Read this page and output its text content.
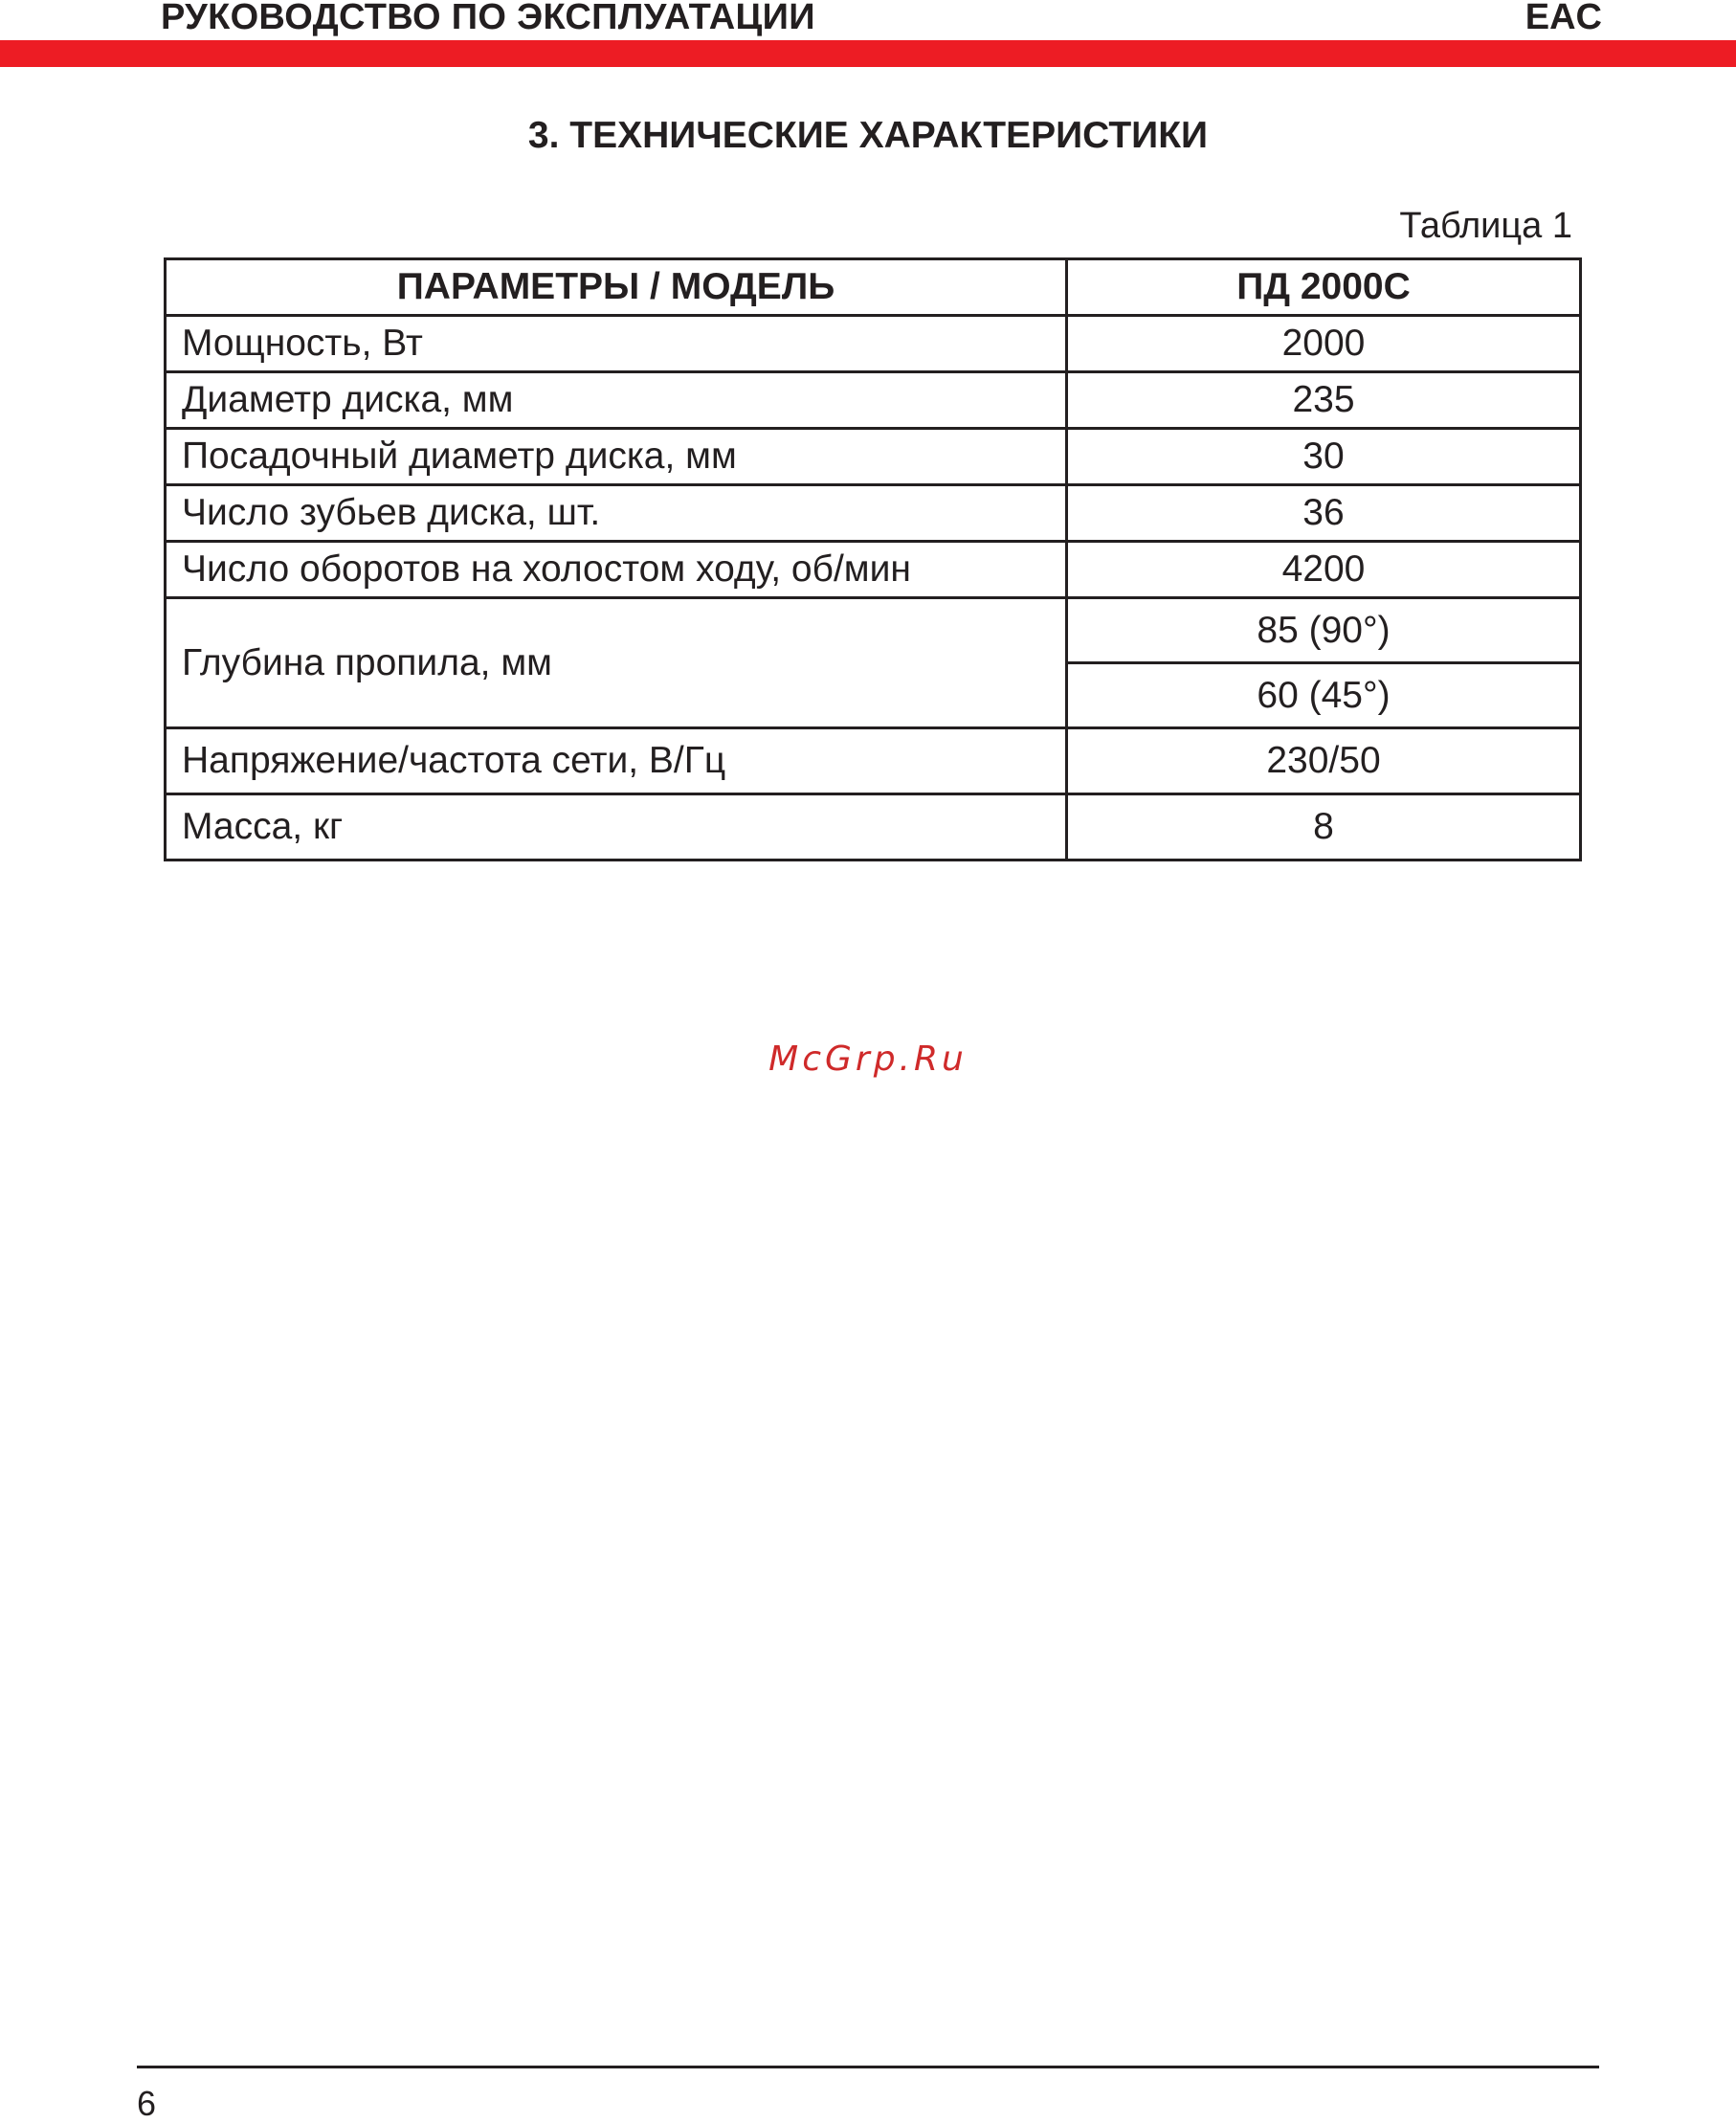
РУКОВОДСТВО ПО ЭКСПЛУАТАЦИИ	EAC
3. ТЕХНИЧЕСКИЕ ХАРАКТЕРИСТИКИ
Таблица 1
ПАРАМЕТРЫ / МОДЕЛЬ	ПД 2000С
Мощность, Вт	2000
Диаметр диска, мм	235
Посадочный диаметр диска, мм	30
Число зубьев диска, шт.	36
Число оборотов на холостом ходу, об/мин	4200
Глубина пропила, мм	85 (90°)
	60 (45°)
Напряжение/частота сети, В/Гц	230/50
Масса, кг	8
McGrp.Ru
6
